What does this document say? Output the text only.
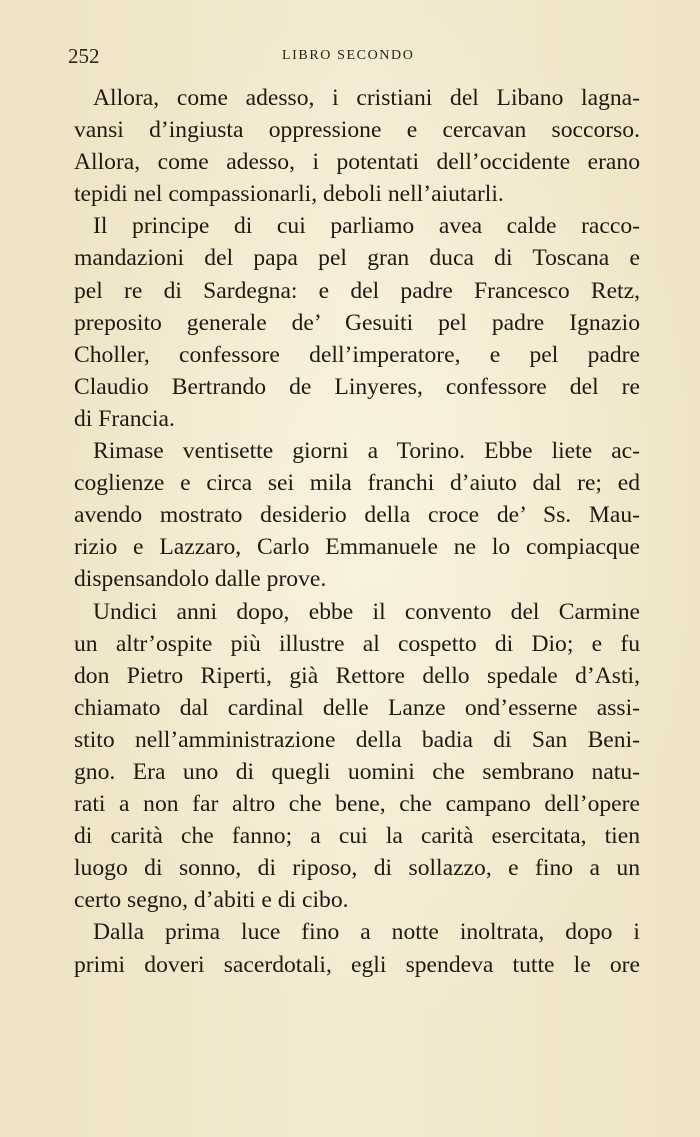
252	LIBRO SECONDO
Allora, come adesso, i cristiani del Libano lagna-
vansi d’ingiusta oppressione e cercavan soccorso.
Allora, come adesso, i potentati dell’occidente erano
tepidi nel compassionarli, deboli nell’aiutarli.
Il principe di cui parliamo avea calde racco-
mandazioni del papa pel gran duca di Toscana e
pel re di Sardegna: e del padre Francesco Retz,
preposito generale de’ Gesuiti pel padre Ignazio
Choller, confessore dell’imperatore, e pel padre
Claudio Bertrando de Linyeres, confessore del re
di Francia.
Rimase ventisette giorni a Torino. Ebbe liete ac-
coglienze e circa sei mila franchi d’aiuto dal re; ed
avendo mostrato desiderio della croce de’ Ss. Mau-
rizio e Lazzaro, Carlo Emmanuele ne lo compiacque
dispensandolo dalle prove.
Undici anni dopo, ebbe il convento del Carmine
un altr’ospite più illustre al cospetto di Dio; e fu
don Pietro Riperti, già Rettore dello spedale d’Asti,
chiamato dal cardinal delle Lanze ond’esserne assi-
stito nell’amministrazione della badia di San Beni-
gno. Era uno di quegli uomini che sembrano natu-
rati a non far altro che bene, che campano dell’opere
di carità che fanno; a cui la carità esercitata, tien
luogo di sonno, di riposo, di sollazzo, e fino a un
certo segno, d’abiti e di cibo.
Dalla prima luce fino a notte inoltrata, dopo i
primi doveri sacerdotali, egli spendeva tutte le ore
